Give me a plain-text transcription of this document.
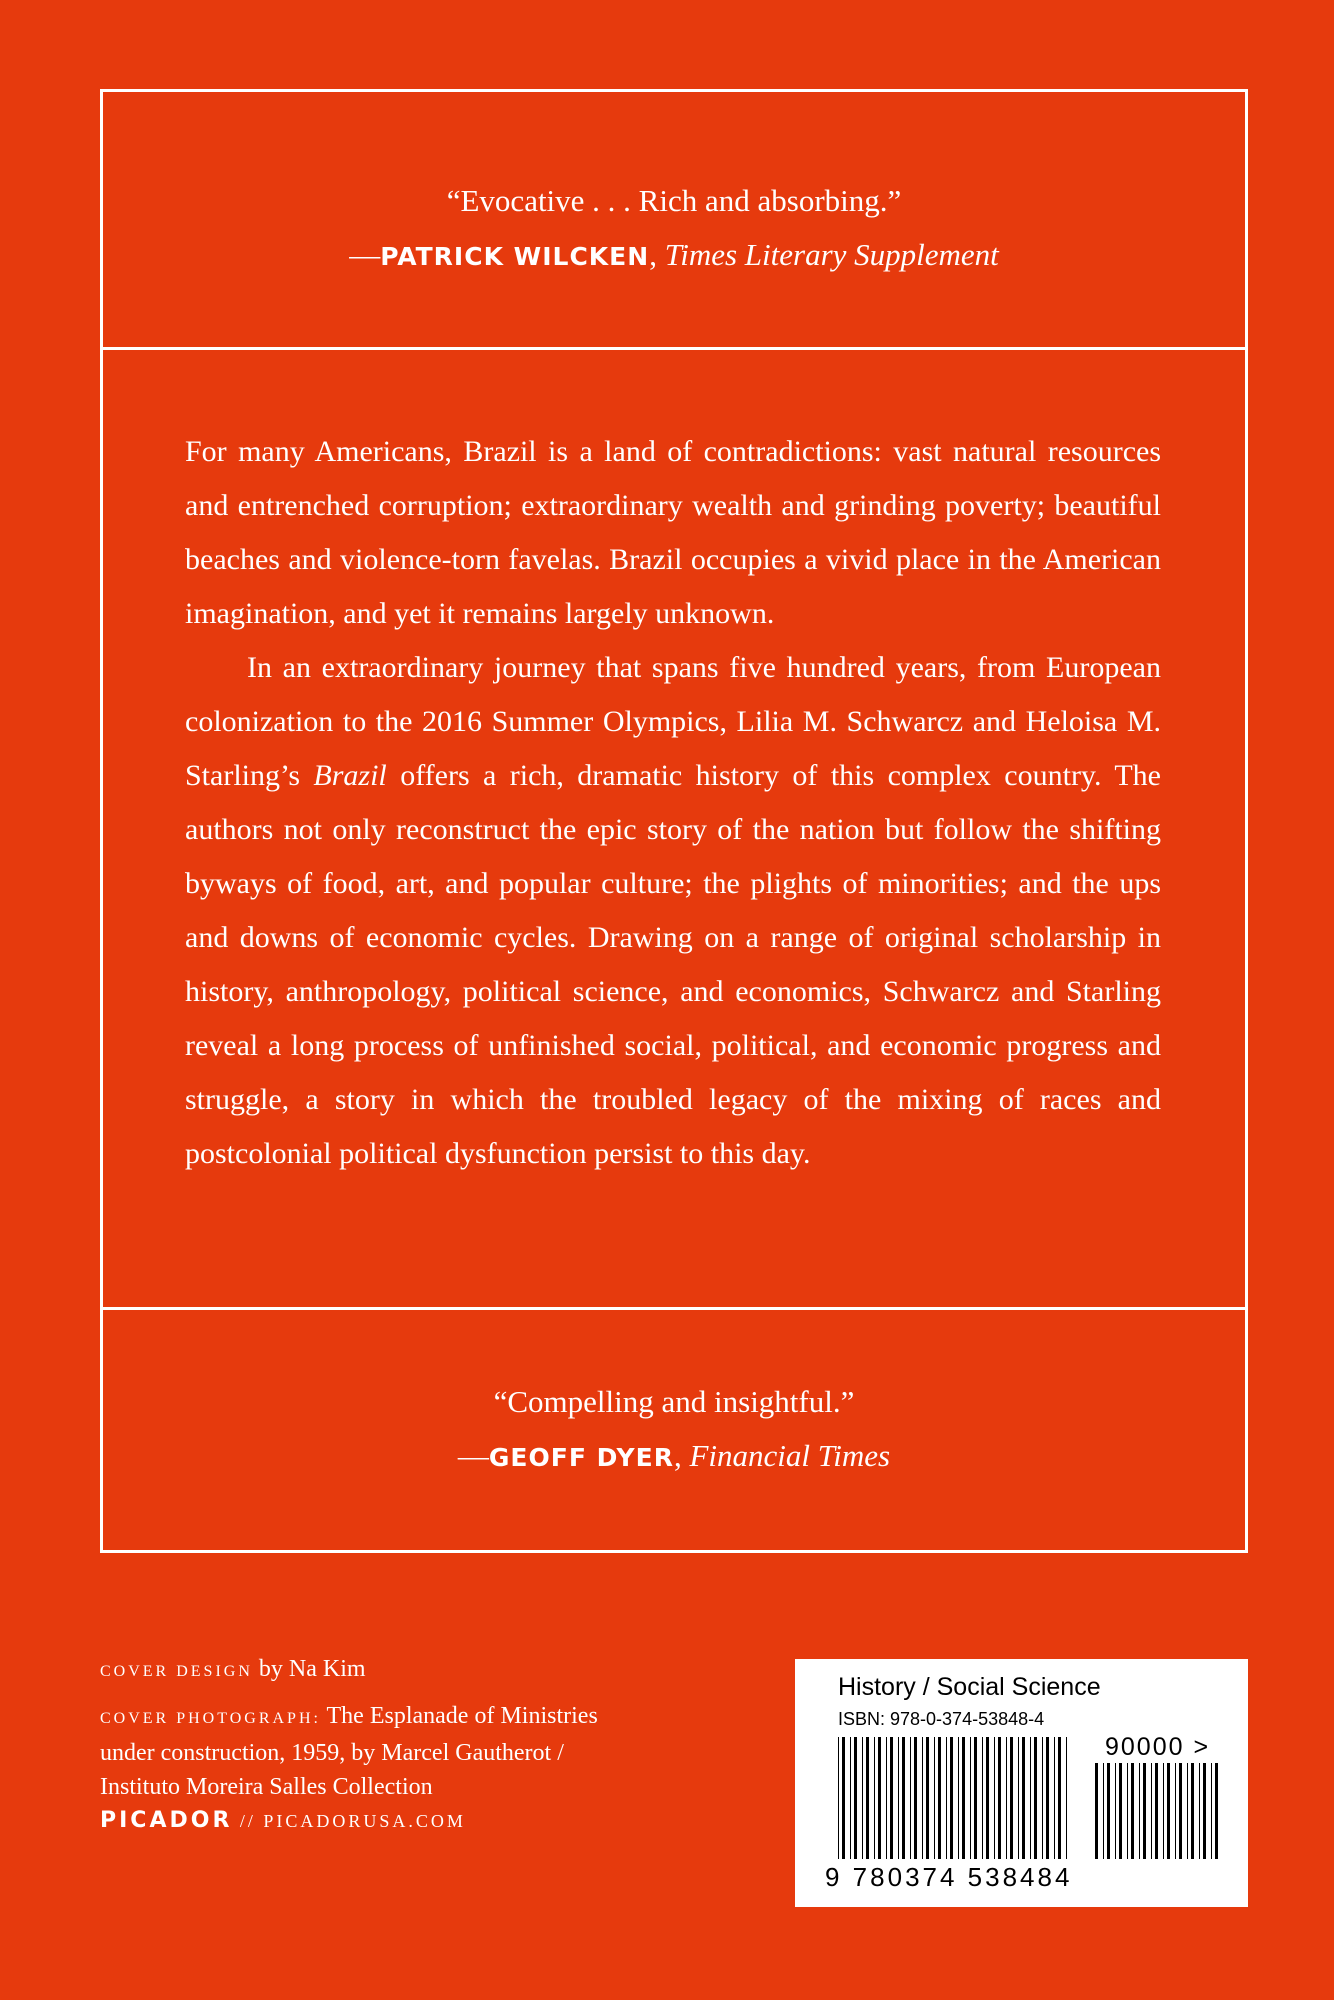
“Evocative . . . Rich and absorbing.”
—PATRICK WILCKEN, Times Literary Supplement

For many Americans, Brazil is a land of contradictions: vast natural resources and entrenched corruption; extraordinary wealth and grinding poverty; beautiful beaches and violence-torn favelas. Brazil occupies a vivid place in the American imagination, and yet it remains largely unknown.

In an extraordinary journey that spans five hundred years, from European colonization to the 2016 Summer Olympics, Lilia M. Schwarcz and Heloisa M. Starling’s Brazil offers a rich, dramatic history of this complex country. The authors not only reconstruct the epic story of the nation but follow the shifting byways of food, art, and popular culture; the plights of minorities; and the ups and downs of economic cycles. Drawing on a range of original scholarship in history, anthropology, political science, and economics, Schwarcz and Starling reveal a long process of unfinished social, political, and economic progress and struggle, a story in which the troubled legacy of the mixing of races and postcolonial political dysfunction persist to this day.

“Compelling and insightful.”
—GEOFF DYER, Financial Times

COVER DESIGN by Na Kim

COVER PHOTOGRAPH: The Esplanade of Ministries

under construction, 1959, by Marcel Gautherot /

Instituto Moreira Salles Collection

PICADOR // PICADORUSA.COM

History / Social Science
ISBN: 978-0-374-53848-4
90000 >
9 780374 538484
